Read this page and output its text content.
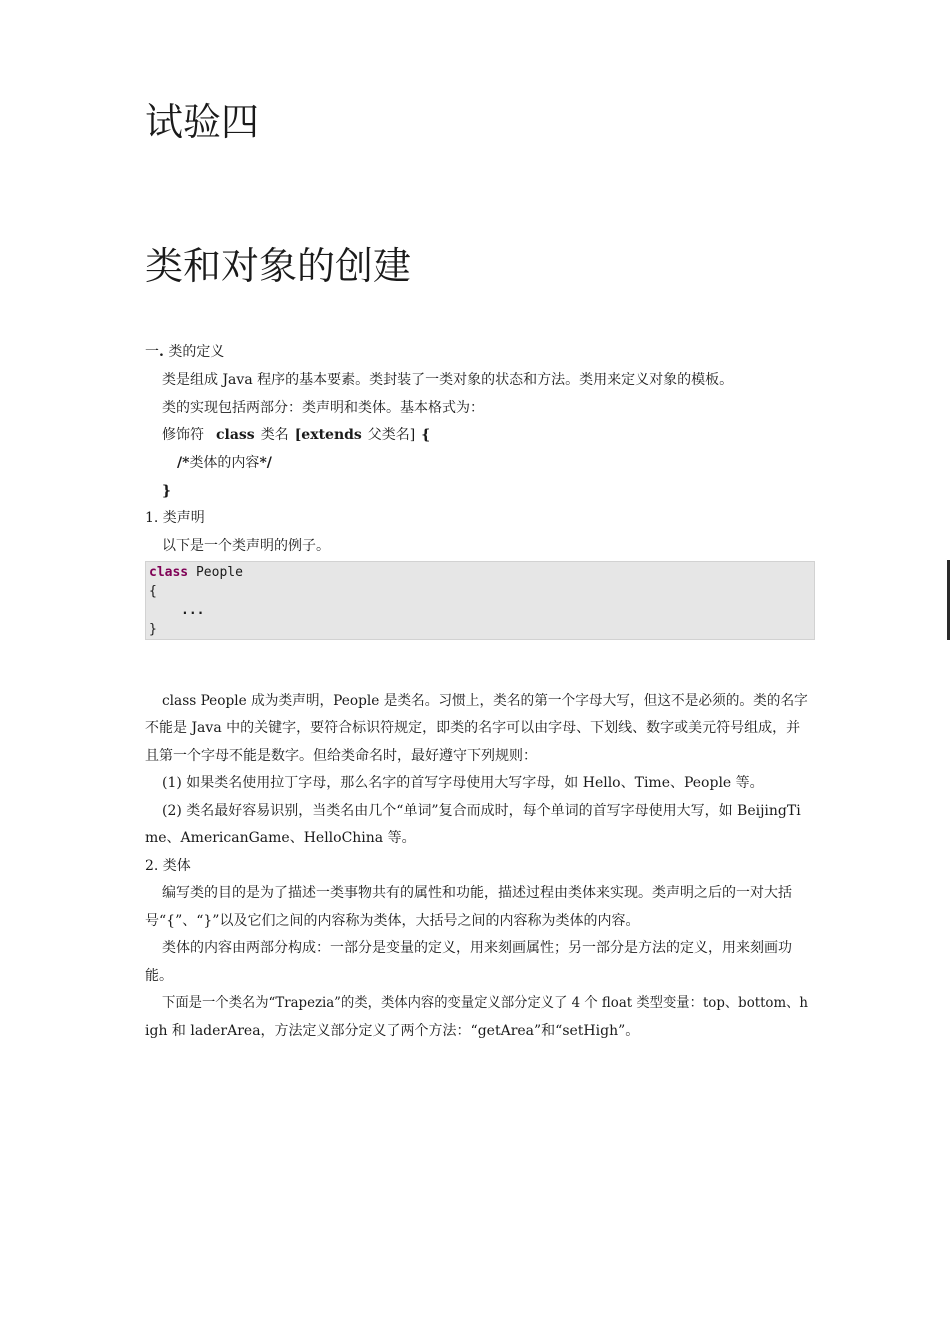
试验四
类和对象的创建
一. 类的定义
类是组成 Java 程序的基本要素。类封装了一类对象的状态和方法。类用来定义对象的模板。
类的实现包括两部分：类声明和类体。基本格式为：
修饰符 class 类名 [extends 父类名] {
/*类体的内容*/
}
1. 类声明
以下是一个类声明的例子。
class People
{
...
}
class People 成为类声明，People 是类名。习惯上，类名的第一个字母大写，但这不是必须的。类的名字
不能是 Java 中的关键字，要符合标识符规定，即类的名字可以由字母、下划线、数字或美元符号组成，并
且第一个字母不能是数字。但给类命名时，最好遵守下列规则：
(1) 如果类名使用拉丁字母，那么名字的首写字母使用大写字母，如 Hello、Time、People 等。
(2) 类名最好容易识别，当类名由几个“单词”复合而成时，每个单词的首写字母使用大写，如 BeijingTi
me、AmericanGame、HelloChina 等。
2. 类体
编写类的目的是为了描述一类事物共有的属性和功能，描述过程由类体来实现。类声明之后的一对大括
号“{”、“}”以及它们之间的内容称为类体，大括号之间的内容称为类体的内容。
类体的内容由两部分构成：一部分是变量的定义，用来刻画属性；另一部分是方法的定义，用来刻画功
能。
下面是一个类名为“Trapezia”的类，类体内容的变量定义部分定义了 4 个 float 类型变量：top、bottom、h
igh 和 laderArea，方法定义部分定义了两个方法：“getArea”和“setHigh”。
